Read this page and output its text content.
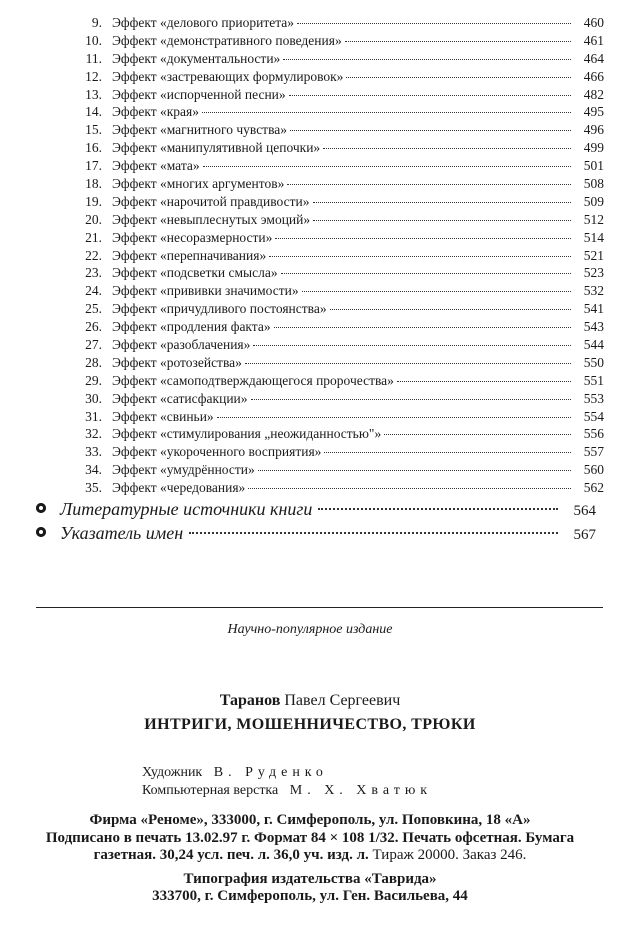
9. Эффект «делового приоритета»	460
10. Эффект «демонстративного поведения»	461
11. Эффект «документальности»	464
12. Эффект «застревающих формулировок»	466
13. Эффект «испорченной песни»	482
14. Эффект «края»	495
15. Эффект «магнитного чувства»	496
16. Эффект «манипулятивной цепочки»	499
17. Эффект «мата»	501
18. Эффект «многих аргументов»	508
19. Эффект «нарочитой правдивости»	509
20. Эффект «невыплеснутых эмоций»	512
21. Эффект «несоразмерности»	514
22. Эффект «перепначивания»	521
23. Эффект «подсветки смысла»	523
24. Эффект «прививки значимости»	532
25. Эффект «причудливого постоянства»	541
26. Эффект «продления факта»	543
27. Эффект «разоблачения»	544
28. Эффект «ротозейства»	550
29. Эффект «самоподтверждающегося пророчества»	551
30. Эффект «сатисфакции»	553
31. Эффект «свиньи»	554
32. Эффект «стимулирования „неожиданностью"»	556
33. Эффект «укороченного восприятия»	557
34. Эффект «умудрённости»	560
35. Эффект «чередования»	562
Литературные источники книги	564
Указатель имен	567
Научно-популярное издание
Таранов Павел Сергеевич
ИНТРИГИ, МОШЕННИЧЕСТВО, ТРЮКИ
Художник В. Руденко
Компьютерная верстка М. Х. Хватюк
Фирма «Реноме», 333000, г. Симферополь, ул. Поповкина, 18 «А»
Подписано в печать 13.02.97 г. Формат 84 × 108 1/32. Печать офсетная. Бумага
газетная. 30,24 усл. печ. л. 36,0 уч. изд. л. Тираж 20000. Заказ 246.
Типография издательства «Таврида»
333700, г. Симферополь, ул. Ген. Васильева, 44
